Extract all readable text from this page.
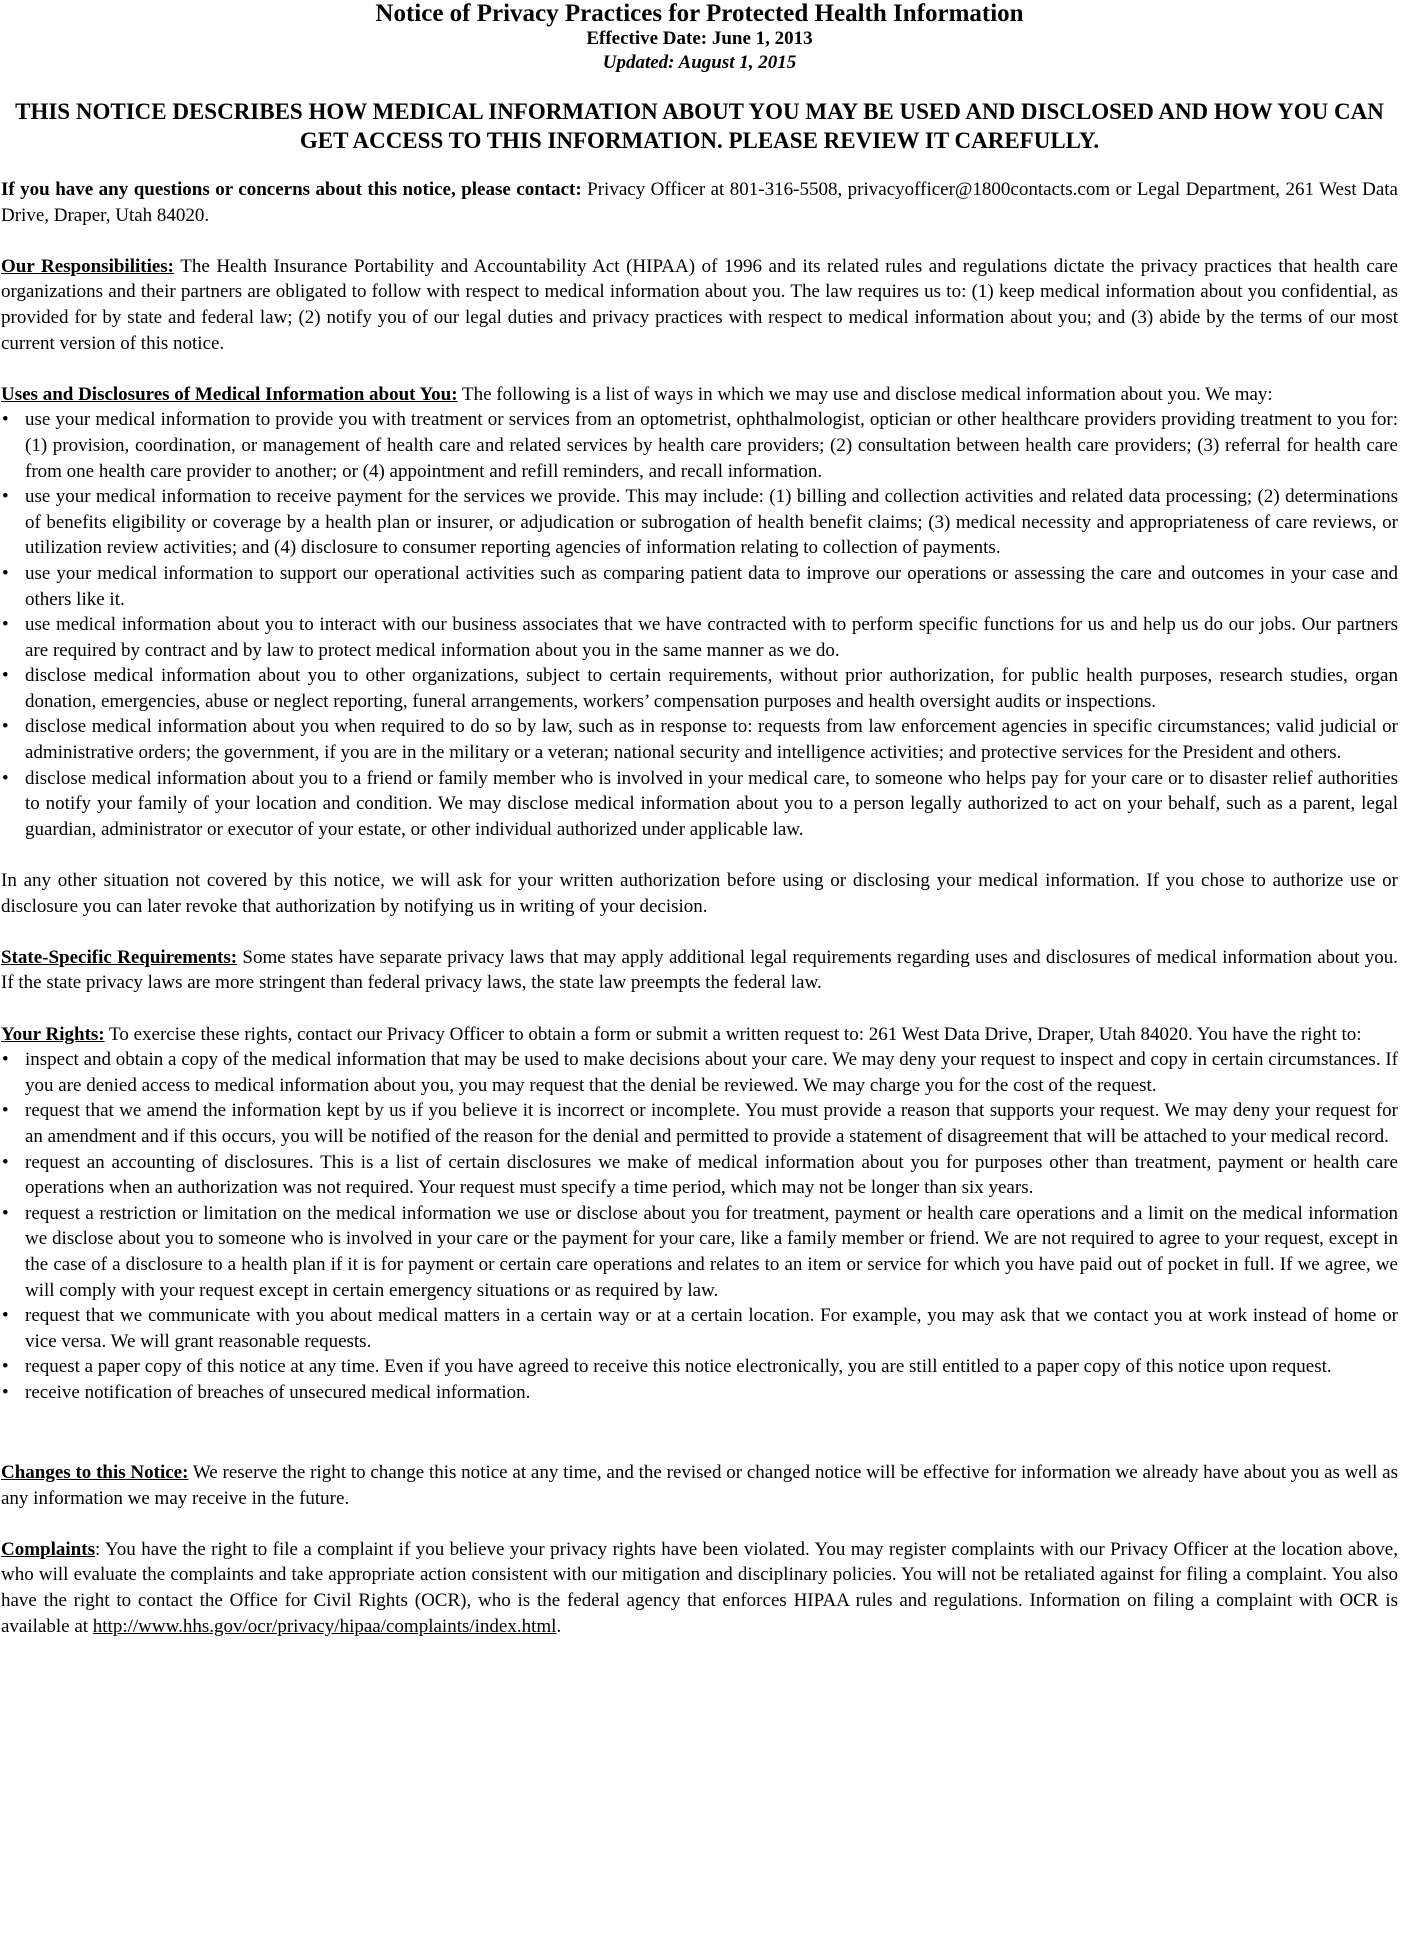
Notice of Privacy Practices for Protected Health Information

Effective Date: June 1, 2013

Updated: August 1, 2015

THIS NOTICE DESCRIBES HOW MEDICAL INFORMATION ABOUT YOU MAY BE USED AND DISCLOSED AND HOW YOU CAN GET ACCESS TO THIS INFORMATION. PLEASE REVIEW IT CAREFULLY.

If you have any questions or concerns about this notice, please contact: Privacy Officer at 801-316-5508, privacyofficer@1800contacts.com or Legal Department, 261 West Data Drive, Draper, Utah 84020.

Our Responsibilities: The Health Insurance Portability and Accountability Act (HIPAA) of 1996 and its related rules and regulations dictate the privacy practices that health care organizations and their partners are obligated to follow with respect to medical information about you. The law requires us to: (1) keep medical information about you confidential, as provided for by state and federal law; (2) notify you of our legal duties and privacy practices with respect to medical information about you; and (3) abide by the terms of our most current version of this notice.

Uses and Disclosures of Medical Information about You: The following is a list of ways in which we may use and disclose medical information about you. We may:

• use your medical information to provide you with treatment or services from an optometrist, ophthalmologist, optician or other healthcare providers providing treatment to you for: (1) provision, coordination, or management of health care and related services by health care providers; (2) consultation between health care providers; (3) referral for health care from one health care provider to another; or (4) appointment and refill reminders, and recall information.
• use your medical information to receive payment for the services we provide. This may include: (1) billing and collection activities and related data processing; (2) determinations of benefits eligibility or coverage by a health plan or insurer, or adjudication or subrogation of health benefit claims; (3) medical necessity and appropriateness of care reviews, or utilization review activities; and (4) disclosure to consumer reporting agencies of information relating to collection of payments.
• use your medical information to support our operational activities such as comparing patient data to improve our operations or assessing the care and outcomes in your case and others like it.
• use medical information about you to interact with our business associates that we have contracted with to perform specific functions for us and help us do our jobs. Our partners are required by contract and by law to protect medical information about you in the same manner as we do.
• disclose medical information about you to other organizations, subject to certain requirements, without prior authorization, for public health purposes, research studies, organ donation, emergencies, abuse or neglect reporting, funeral arrangements, workers’ compensation purposes and health oversight audits or inspections.
• disclose medical information about you when required to do so by law, such as in response to: requests from law enforcement agencies in specific circumstances; valid judicial or administrative orders; the government, if you are in the military or a veteran; national security and intelligence activities; and protective services for the President and others.
• disclose medical information about you to a friend or family member who is involved in your medical care, to someone who helps pay for your care or to disaster relief authorities to notify your family of your location and condition. We may disclose medical information about you to a person legally authorized to act on your behalf, such as a parent, legal guardian, administrator or executor of your estate, or other individual authorized under applicable law.

In any other situation not covered by this notice, we will ask for your written authorization before using or disclosing your medical information. If you chose to authorize use or disclosure you can later revoke that authorization by notifying us in writing of your decision.

State-Specific Requirements: Some states have separate privacy laws that may apply additional legal requirements regarding uses and disclosures of medical information about you. If the state privacy laws are more stringent than federal privacy laws, the state law preempts the federal law.

Your Rights: To exercise these rights, contact our Privacy Officer to obtain a form or submit a written request to: 261 West Data Drive, Draper, Utah 84020. You have the right to:

• inspect and obtain a copy of the medical information that may be used to make decisions about your care. We may deny your request to inspect and copy in certain circumstances. If you are denied access to medical information about you, you may request that the denial be reviewed. We may charge you for the cost of the request.
• request that we amend the information kept by us if you believe it is incorrect or incomplete. You must provide a reason that supports your request. We may deny your request for an amendment and if this occurs, you will be notified of the reason for the denial and permitted to provide a statement of disagreement that will be attached to your medical record.
• request an accounting of disclosures. This is a list of certain disclosures we make of medical information about you for purposes other than treatment, payment or health care operations when an authorization was not required. Your request must specify a time period, which may not be longer than six years.
• request a restriction or limitation on the medical information we use or disclose about you for treatment, payment or health care operations and a limit on the medical information we disclose about you to someone who is involved in your care or the payment for your care, like a family member or friend. We are not required to agree to your request, except in the case of a disclosure to a health plan if it is for payment or certain care operations and relates to an item or service for which you have paid out of pocket in full. If we agree, we will comply with your request except in certain emergency situations or as required by law.
• request that we communicate with you about medical matters in a certain way or at a certain location. For example, you may ask that we contact you at work instead of home or vice versa. We will grant reasonable requests.
• request a paper copy of this notice at any time. Even if you have agreed to receive this notice electronically, you are still entitled to a paper copy of this notice upon request.
• receive notification of breaches of unsecured medical information.

Changes to this Notice: We reserve the right to change this notice at any time, and the revised or changed notice will be effective for information we already have about you as well as any information we may receive in the future.

Complaints: You have the right to file a complaint if you believe your privacy rights have been violated. You may register complaints with our Privacy Officer at the location above, who will evaluate the complaints and take appropriate action consistent with our mitigation and disciplinary policies. You will not be retaliated against for filing a complaint. You also have the right to contact the Office for Civil Rights (OCR), who is the federal agency that enforces HIPAA rules and regulations. Information on filing a complaint with OCR is available at http://www.hhs.gov/ocr/privacy/hipaa/complaints/index.html.
